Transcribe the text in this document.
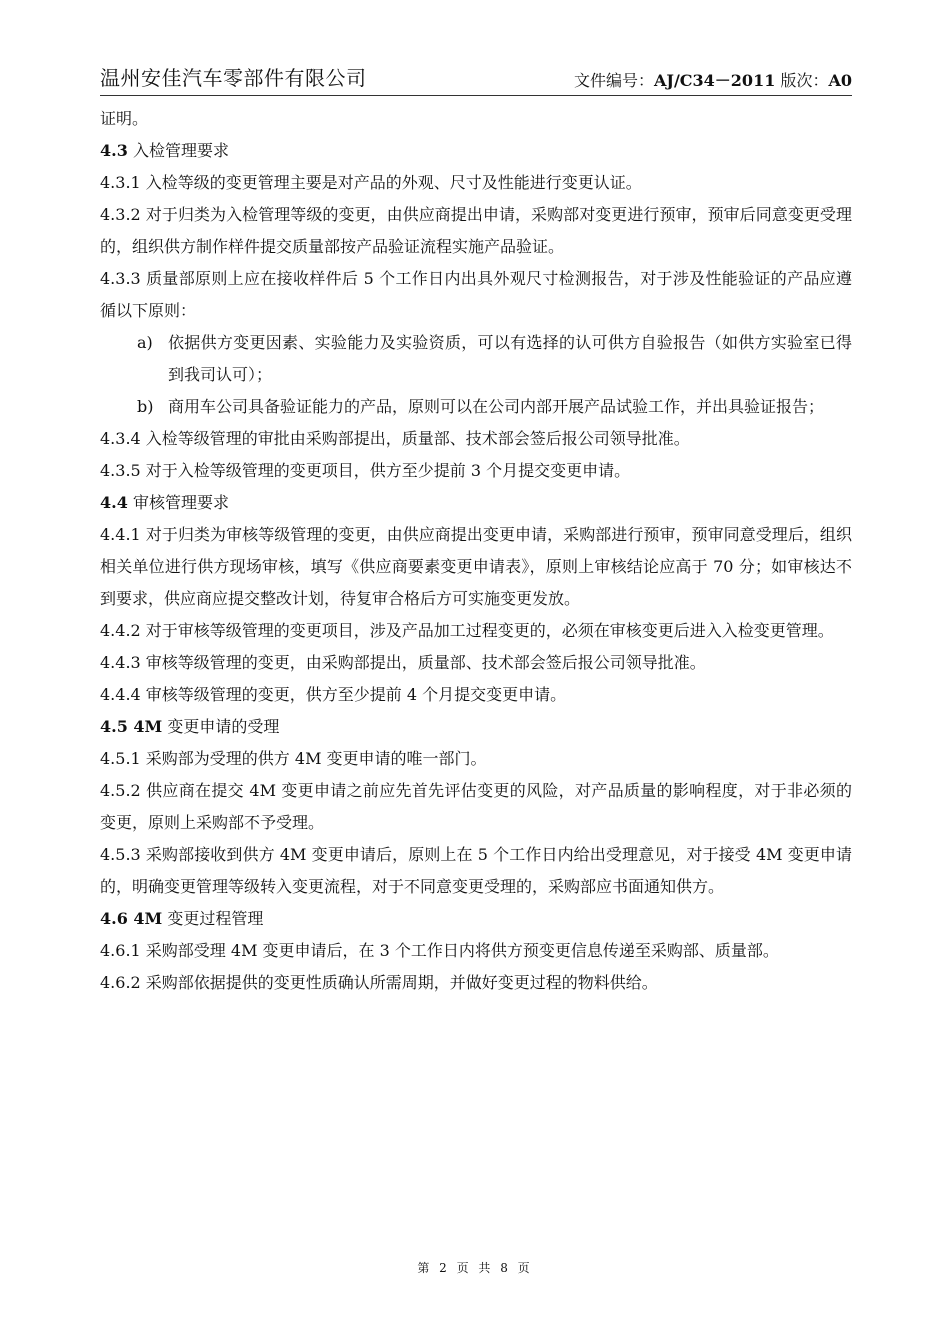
温州安佳汽车零部件有限公司	文件编号：AJ/C34－2011 版次：A0

证明。

4.3 入检管理要求

4.3.1 入检等级的变更管理主要是对产品的外观、尺寸及性能进行变更认证。

4.3.2 对于归类为入检管理等级的变更，由供应商提出申请，采购部对变更进行预审，预审后同意变更受理的，组织供方制作样件提交质量部按产品验证流程实施产品验证。

4.3.3 质量部原则上应在接收样件后 5 个工作日内出具外观尺寸检测报告，对于涉及性能验证的产品应遵循以下原则：

a) 依据供方变更因素、实验能力及实验资质，可以有选择的认可供方自验报告（如供方实验室已得到我司认可）；

b) 商用车公司具备验证能力的产品，原则可以在公司内部开展产品试验工作，并出具验证报告；

4.3.4 入检等级管理的审批由采购部提出，质量部、技术部会签后报公司领导批准。

4.3.5 对于入检等级管理的变更项目，供方至少提前 3 个月提交变更申请。

4.4 审核管理要求

4.4.1 对于归类为审核等级管理的变更，由供应商提出变更申请，采购部进行预审，预审同意受理后，组织相关单位进行供方现场审核，填写《供应商要素变更申请表》，原则上审核结论应高于 70 分；如审核达不到要求，供应商应提交整改计划，待复审合格后方可实施变更发放。

4.4.2 对于审核等级管理的变更项目，涉及产品加工过程变更的，必须在审核变更后进入入检变更管理。

4.4.3 审核等级管理的变更，由采购部提出，质量部、技术部会签后报公司领导批准。

4.4.4 审核等级管理的变更，供方至少提前 4 个月提交变更申请。

4.5 4M 变更申请的受理

4.5.1 采购部为受理的供方 4M 变更申请的唯一部门。

4.5.2 供应商在提交 4M 变更申请之前应先首先评估变更的风险，对产品质量的影响程度，对于非必须的变更，原则上采购部不予受理。

4.5.3 采购部接收到供方 4M 变更申请后，原则上在 5 个工作日内给出受理意见，对于接受 4M 变更申请的，明确变更管理等级转入变更流程，对于不同意变更受理的，采购部应书面通知供方。

4.6 4M 变更过程管理

4.6.1 采购部受理 4M 变更申请后，在 3 个工作日内将供方预变更信息传递至采购部、质量部。

4.6.2 采购部依据提供的变更性质确认所需周期，并做好变更过程的物料供给。

第 2 页 共 8 页
